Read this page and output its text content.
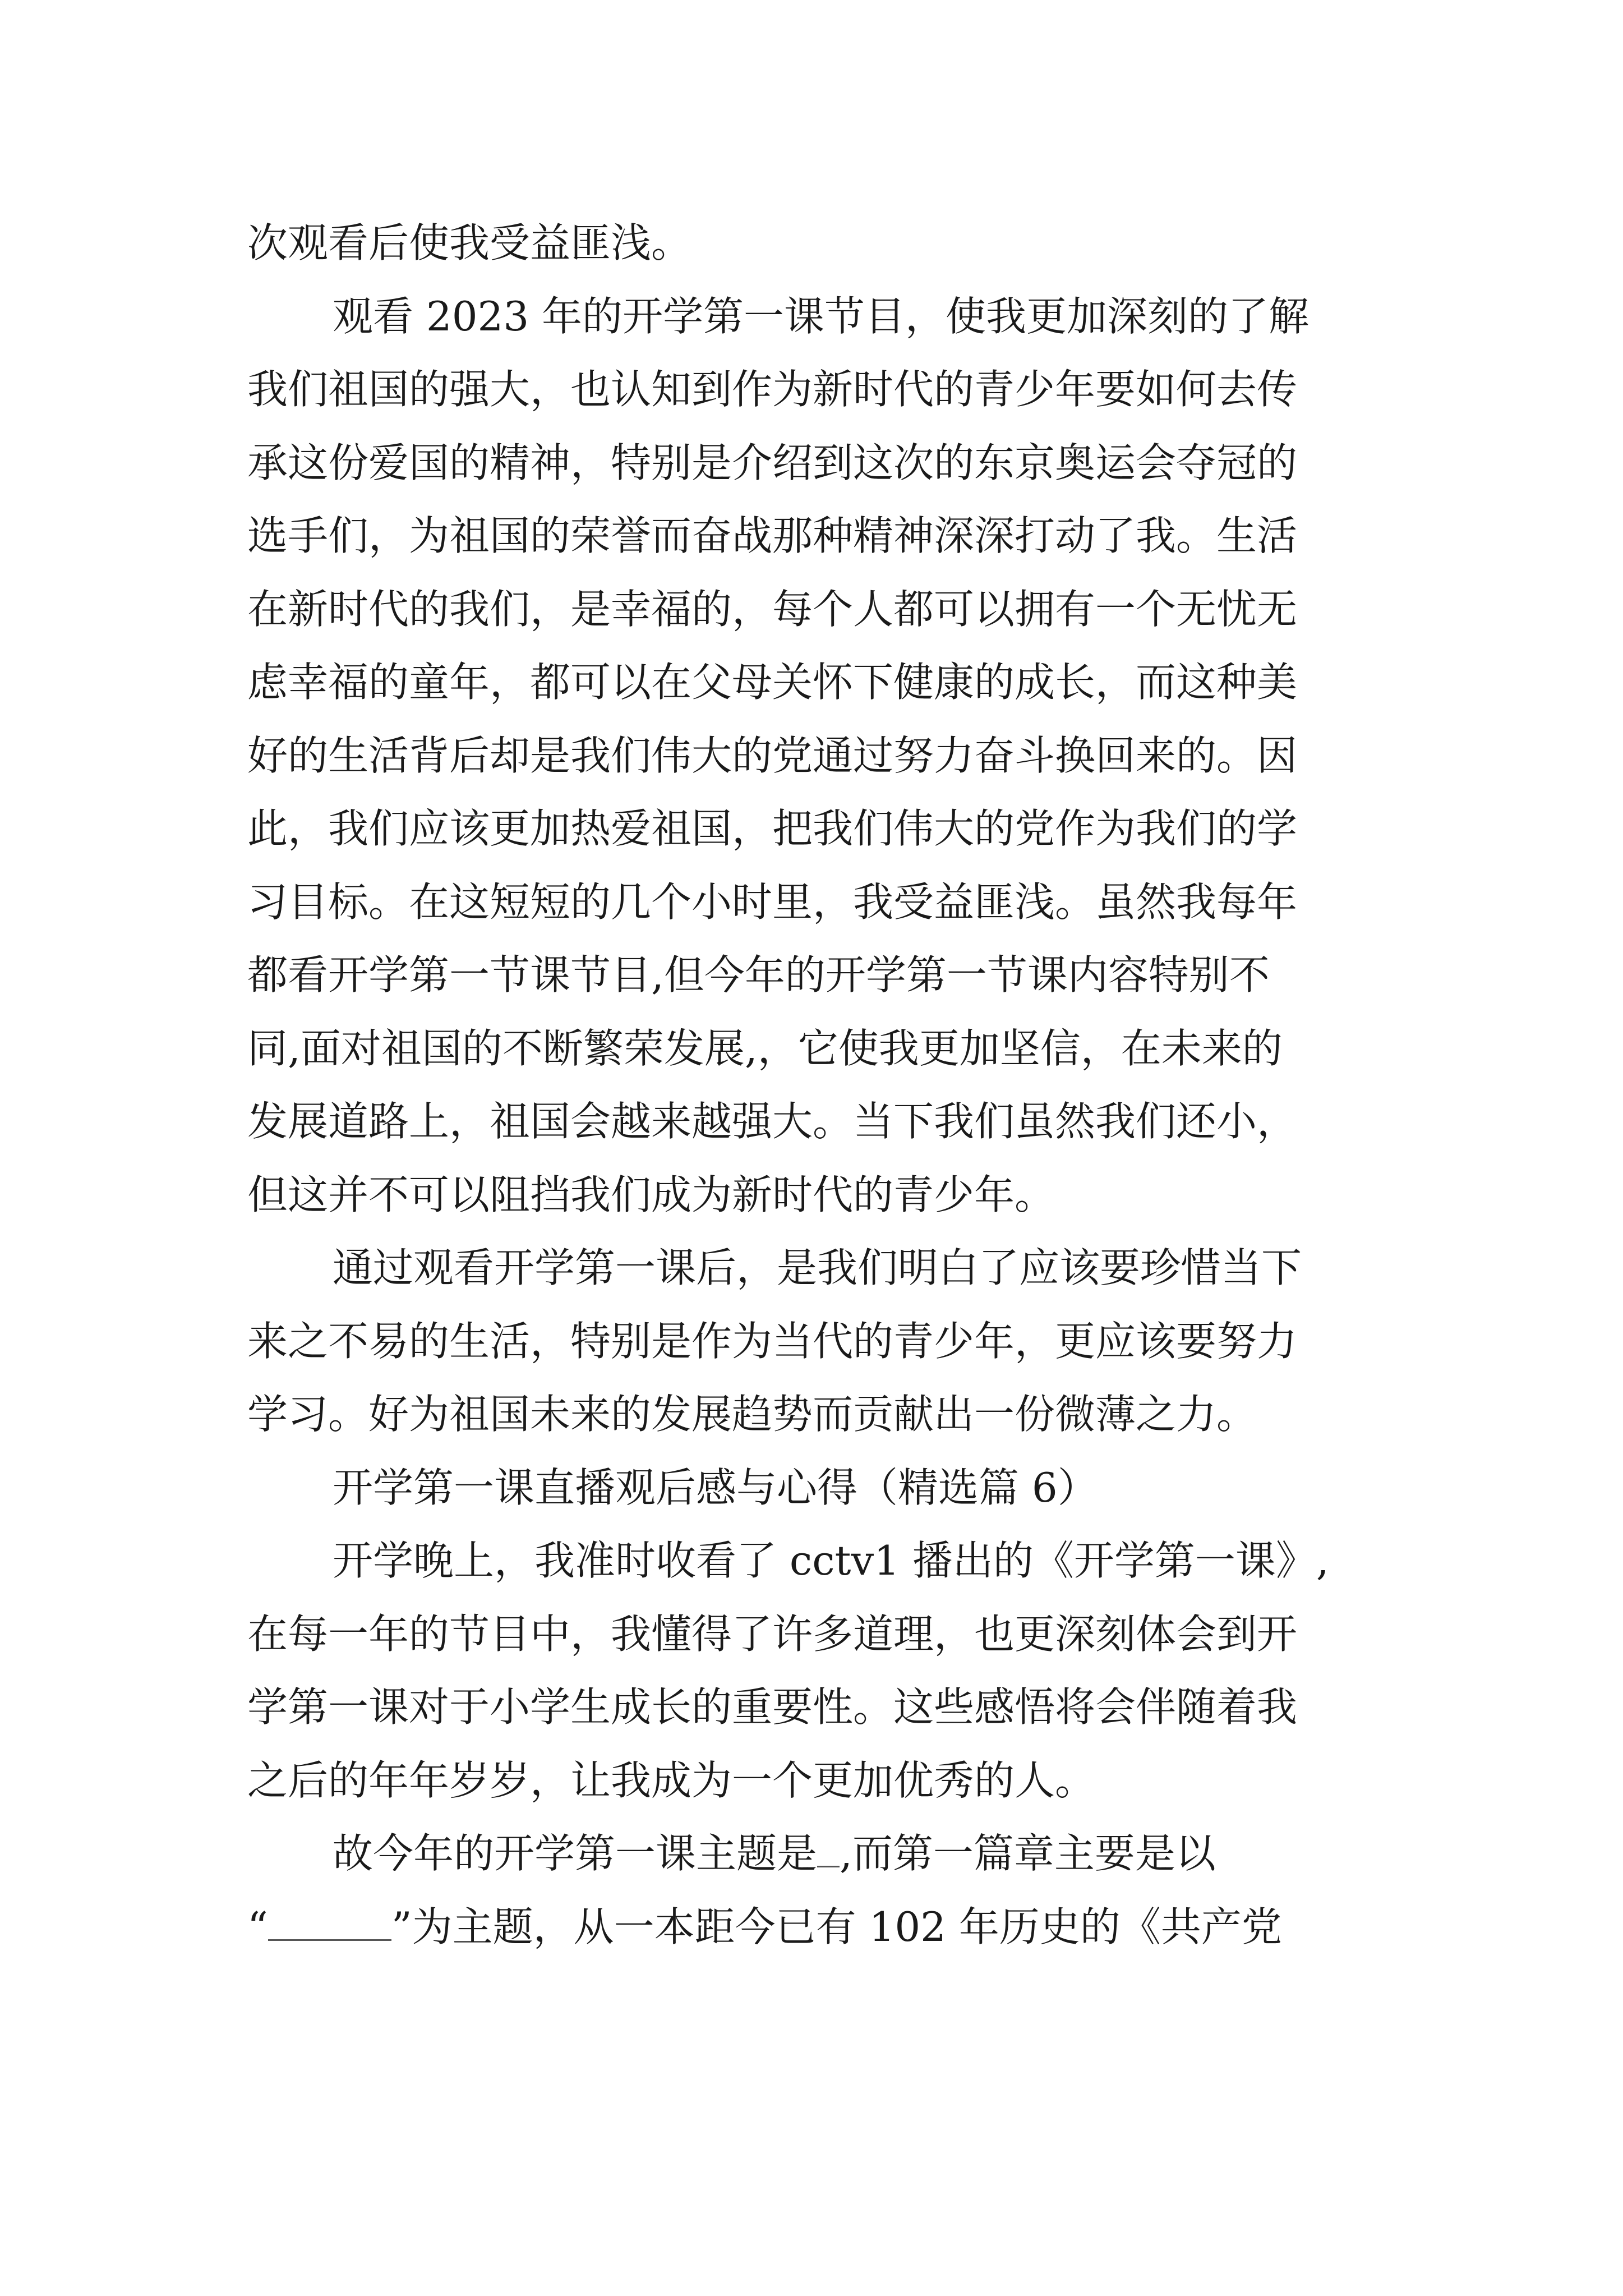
次观看后使我受益匪浅。
观看 2023 年的开学第一课节目，使我更加深刻的了解
我们祖国的强大，也认知到作为新时代的青少年要如何去传
承这份爱国的精神，特别是介绍到这次的东京奥运会夺冠的
选手们，为祖国的荣誉而奋战那种精神深深打动了我。生活
在新时代的我们，是幸福的，每个人都可以拥有一个无忧无
虑幸福的童年，都可以在父母关怀下健康的成长，而这种美
好的生活背后却是我们伟大的党通过努力奋斗换回来的。因
此，我们应该更加热爱祖国，把我们伟大的党作为我们的学
习目标。在这短短的几个小时里，我受益匪浅。虽然我每年
都看开学第一节课节目,但今年的开学第一节课内容特别不
同,面对祖国的不断繁荣发展,，它使我更加坚信，在未来的
发展道路上，祖国会越来越强大。当下我们虽然我们还小，
但这并不可以阻挡我们成为新时代的青少年。
通过观看开学第一课后，是我们明白了应该要珍惜当下
来之不易的生活，特别是作为当代的青少年，更应该要努力
学习。好为祖国未来的发展趋势而贡献出一份微薄之力。
开学第一课直播观后感与心得（精选篇 6）
开学晚上，我准时收看了 cctv1 播出的《开学第一课》,
在每一年的节目中，我懂得了许多道理，也更深刻体会到开
学第一课对于小学生成长的重要性。这些感悟将会伴随着我
之后的年年岁岁，让我成为一个更加优秀的人。
故今年的开学第一课主题是 ,而第一篇章主要是以
“	”为主题，从一本距今已有 102 年历史的《共产党
